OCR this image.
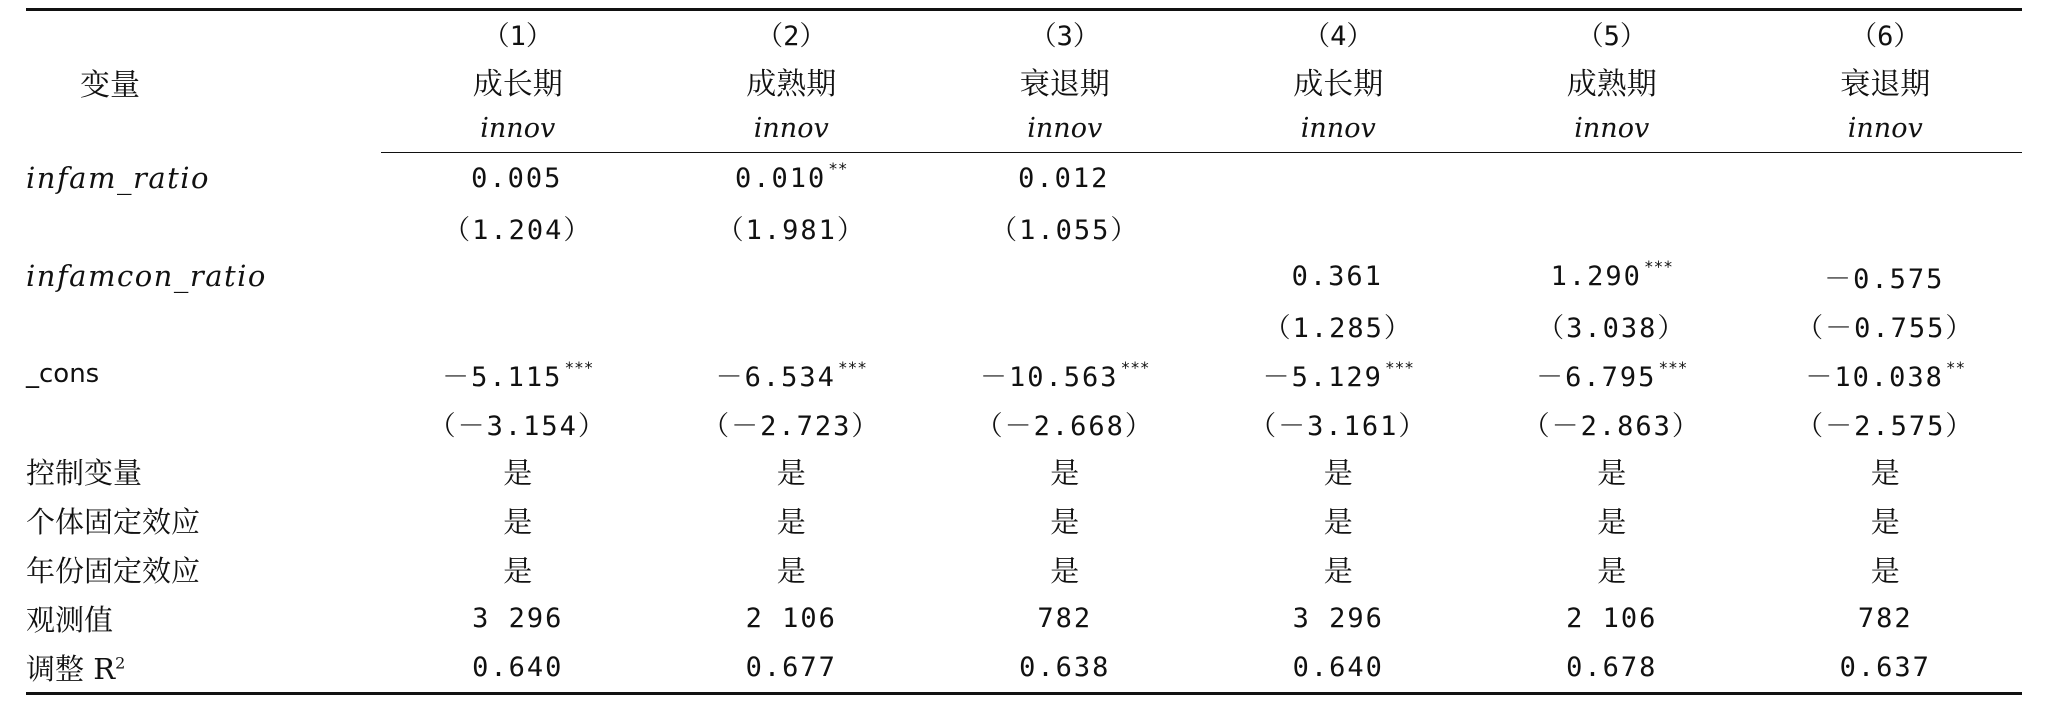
变量	（1）	（2）	（3）	（4）	（5）	（6）
	成长期	成熟期	衰退期	成长期	成熟期	衰退期
	innov	innov	innov	innov	innov	innov
infam_ratio	0.005	0.010 **	0.012			
	（1.204）	（1.981）	（1.055）			
infamcon_ratio				0.361	1.290 ***	－0.575
				（1.285）	（3.038）	（－0.755）
_cons	－5.115 ***	－6.534 ***	－10.563 ***	－5.129 ***	－6.795 ***	－10.038 **
	（－3.154）	（－2.723）	（－2.668）	（－3.161）	（－2.863）	（－2.575）
控制变量	是	是	是	是	是	是
个体固定效应	是	是	是	是	是	是
年份固定效应	是	是	是	是	是	是
观测值	3 296	2 106	782	3 296	2 106	782
调整 $R^2$	0.640	0.677	0.638	0.640	0.678	0.637
